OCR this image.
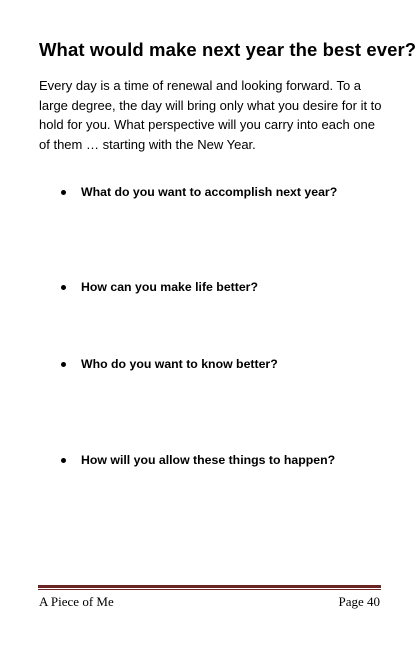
What would make next year the best ever?
Every day is a time of renewal and looking forward. To a large degree, the day will bring only what you desire for it to hold for you. What perspective will you carry into each one of them … starting with the New Year.
What do you want to accomplish next year?
How can you make life better?
Who do you want to know better?
How will you allow these things to happen?
A Piece of Me	Page 40
